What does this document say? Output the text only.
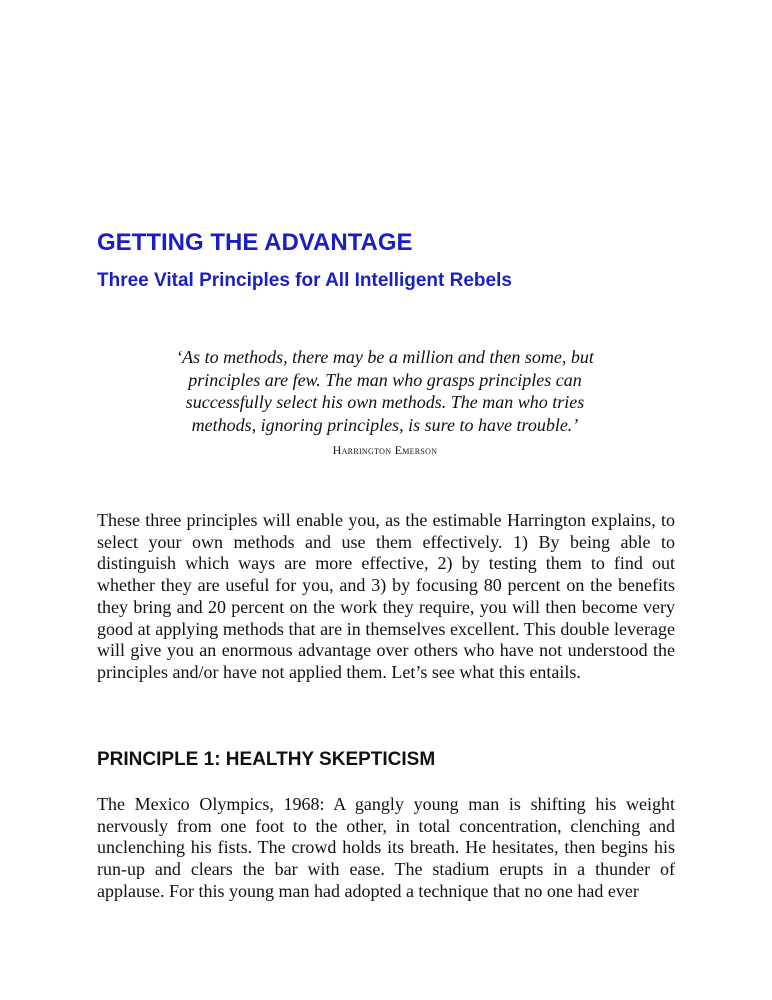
GETTING THE ADVANTAGE
Three Vital Principles for All Intelligent Rebels
‘As to methods, there may be a million and then some, but
principles are few. The man who grasps principles can
successfully select his own methods. The man who tries
methods, ignoring principles, is sure to have trouble.’

Harrington Emerson

These three principles will enable you, as the estimable Harrington explains, to select your own methods and use them effectively. 1) By being able to distinguish which ways are more effective, 2) by testing them to find out whether they are useful for you, and 3) by focusing 80 percent on the benefits they bring and 20 percent on the work they require, you will then become very good at applying methods that are in themselves excellent. This double leverage will give you an enormous advantage over others who have not understood the principles and/or have not applied them. Let’s see what this entails.

PRINCIPLE 1: HEALTHY SKEPTICISM

The Mexico Olympics, 1968: A gangly young man is shifting his weight nervously from one foot to the other, in total concentration, clenching and unclenching his fists. The crowd holds its breath. He hesitates, then begins his run-up and clears the bar with ease. The stadium erupts in a thunder of applause. For this young man had adopted a technique that no one had ever
